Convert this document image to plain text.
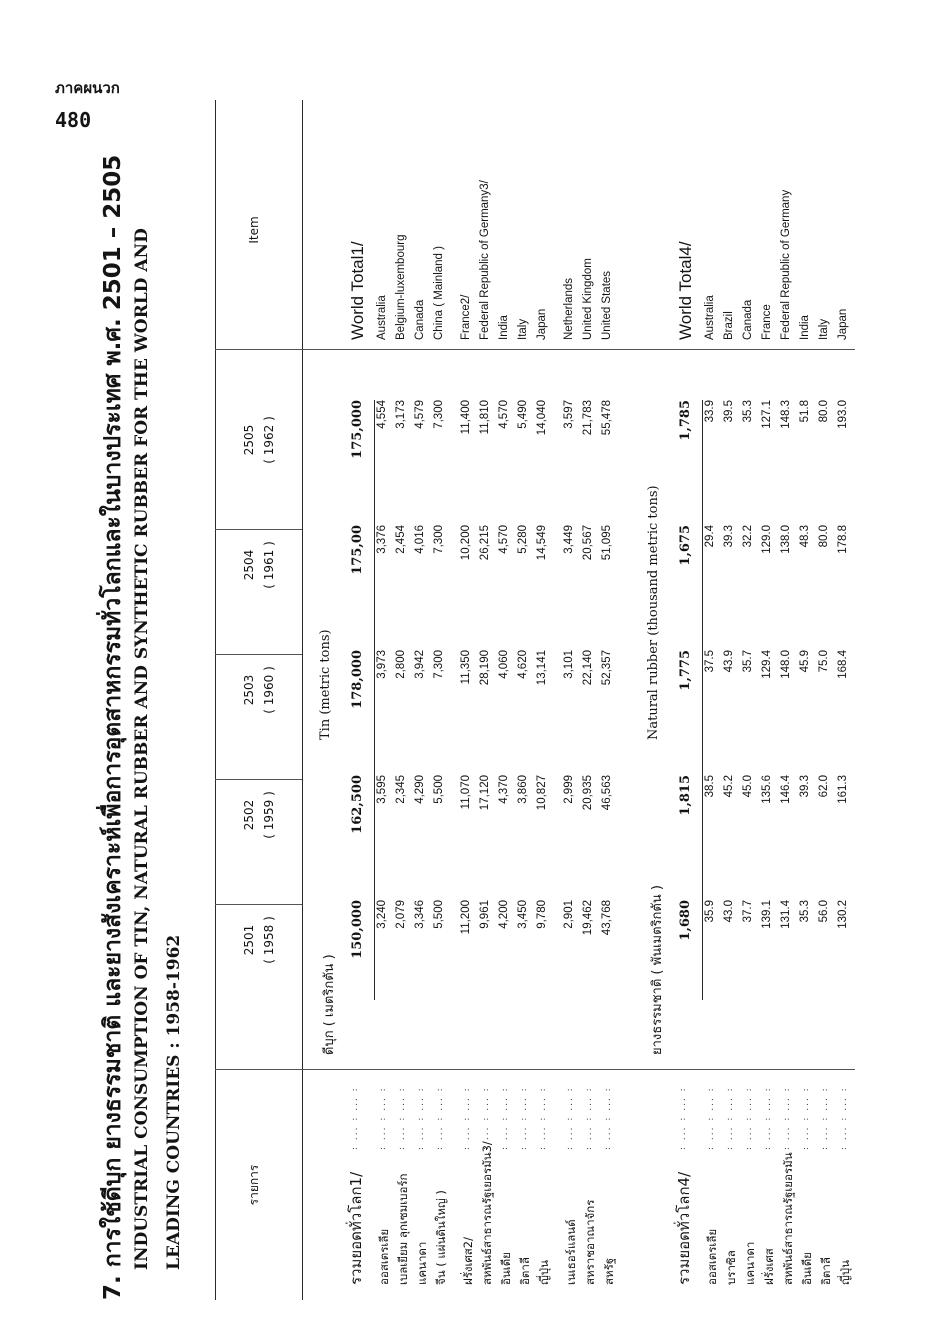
ภาคผนวก
480
7. การใช้ดีบุก ยางธรรมชาติ และยางสังเคราะห์เพื่อการอุตสาหกรรมทั่วโลกและในบางประเทศ พ.ศ. 2501 – 2505 INDUSTRIAL CONSUMPTION OF TIN, NATURAL RUBBER AND SYNTHETIC RUBBER FOR THE WORLD AND LEADING COUNTRIES : 1958-1962	รายการ
Item
2501 ( 1958 )
2502 ( 1959 )
2503 ( 1960 )
2504 ( 1961 )
2505 ( 1962 )
ดีบุก ( เมตริกตัน )
Tin (metric tons)
รวมยอดทั่วโลก1/
: ... : ... :
150,000
162,500
178,000
175,00
175,000
World Total1/
ออสเตรเลีย
: ... : ... :
3,240
3,595
3,973
3,376
4,554
Australia
เบลเยียม ลุกเซมเบอร์ก
: ... : ... :
2,079
2,345
2,800
2,454
3,173
Belgium-luxembourg
แคนาดา
: ... : ... :
3,346
4,290
3,942
4,016
4,579
Canada
จีน ( แผ่นดินใหญ่ )
: ... : ... :
5,500
5,500
7,300
7,300
7,300
China ( Mainland )
ฝรั่งเศส2/
: ... : ... :
11,200
11,070
11,350
10,200
11,400
France2/
สหพันธ์สาธารณรัฐเยอรมัน3/
: ... : ... :
9,961
17,120
28,190
26,215
11,810
Federal Republic of Germany3/
อินเดีย
: ... : ... :
4,200
4,370
4,060
4,570
4,570
India
อิตาลี
: ... : ... :
3,450
3,860
4,620
5,280
5,490
Italy
ญี่ปุ่น
: ... : ... :
9,780
10,827
13,141
14,549
14,040
Japan
เนเธอร์แลนด์
: ... : ... :
2,901
2,999
3,101
3,449
3,597
Netherlands
สหราชอาณาจักร
: ... : ... :
19,462
20,935
22,140
20,567
21,783
United Kingdom
สหรัฐ
: ... : ... :
43,768
46,563
52,357
51,095
55,478
United States
ยางธรรมชาติ ( พันเมตริกตัน )
Natural rubber (thousand metric tons)
รวมยอดทั่วโลก4/
: ... : ... :
1,680
1,815
1,775
1,675
1,785
World Total4/
ออสเตรเลีย
: ... : ... :
35.9
38.5
37.5
29.4
33.9
Australia
บราซิล
: ... : ... :
43.0
45.2
43.9
39.3
39.5
Brazil
แคนาดา
: ... : ... :
37.7
45.0
35.7
32.2
35.3
Canada
ฝรั่งเศส
: ... : ... :
139.1
135.6
129.4
129.0
127.1
France
สหพันธ์สาธารณรัฐเยอรมัน
: ... : ... :
131.4
146.4
148.0
138.0
148.3
Federal Republic of Germany
อินเดีย
: ... : ... :
35.3
39.3
45.9
48.3
51.8
India
อิตาลี
: ... : ... :
56.0
62.0
75.0
80.0
80.0
Italy
ญี่ปุ่น
: ... : ... :
130.2
161.3
168.4
178.8
193.0
Japan
